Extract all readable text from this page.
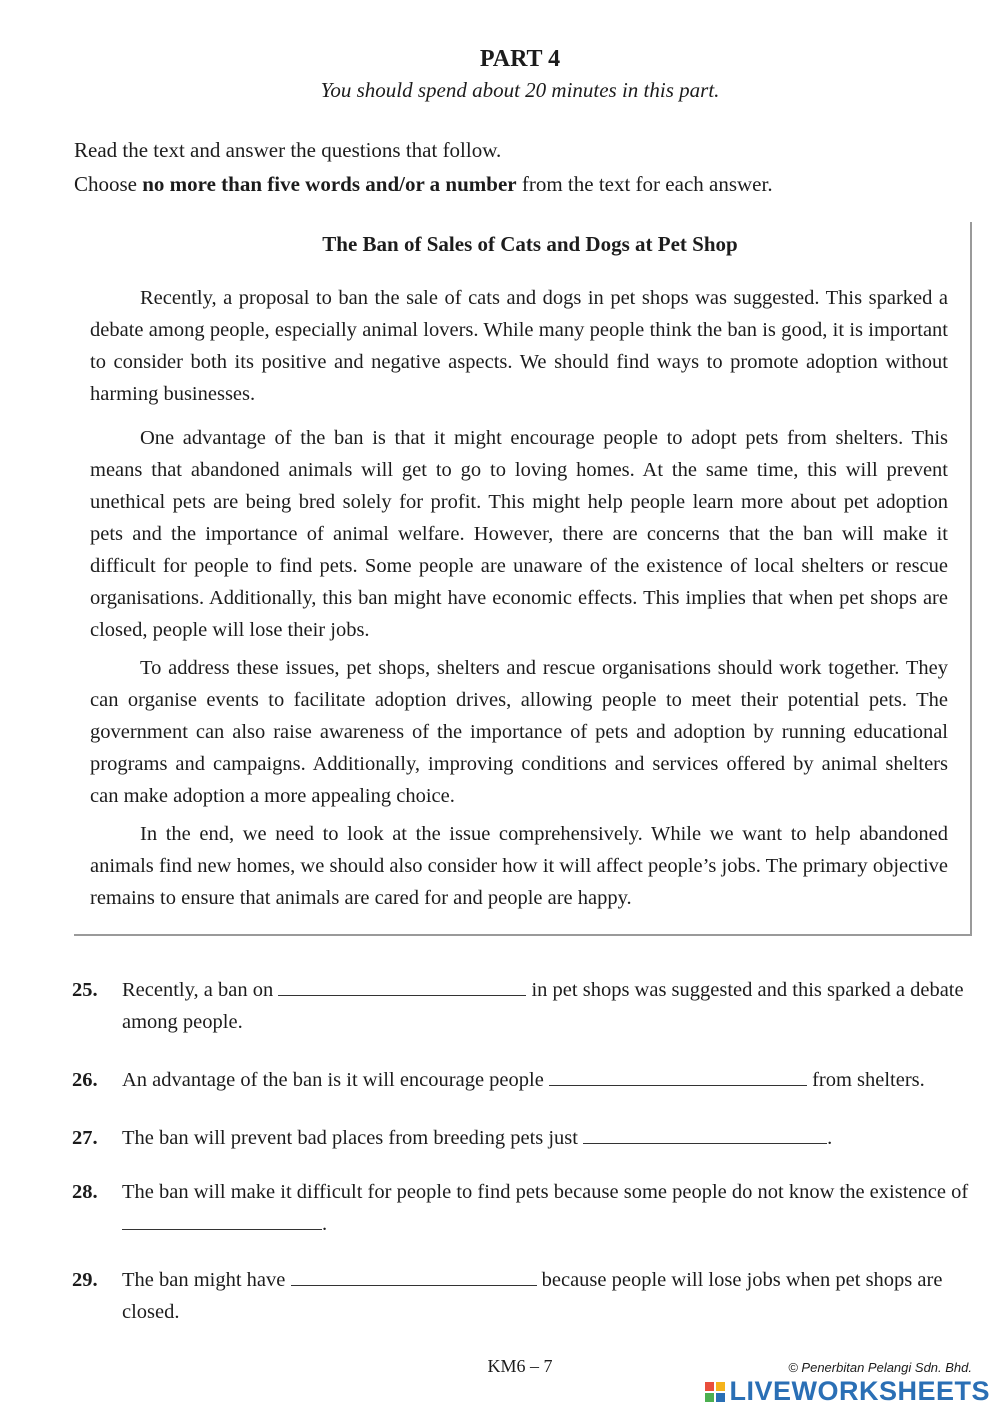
PART 4
You should spend about 20 minutes in this part.
Read the text and answer the questions that follow.
Choose no more than five words and/or a number from the text for each answer.
The Ban of Sales of Cats and Dogs at Pet Shop

Recently, a proposal to ban the sale of cats and dogs in pet shops was suggested. This sparked a debate among people, especially animal lovers. While many people think the ban is good, it is important to consider both its positive and negative aspects. We should find ways to promote adoption without harming businesses.

One advantage of the ban is that it might encourage people to adopt pets from shelters. This means that abandoned animals will get to go to loving homes. At the same time, this will prevent unethical pets are being bred solely for profit. This might help people learn more about pet adoption pets and the importance of animal welfare. However, there are concerns that the ban will make it difficult for people to find pets. Some people are unaware of the existence of local shelters or rescue organisations. Additionally, this ban might have economic effects. This implies that when pet shops are closed, people will lose their jobs.

To address these issues, pet shops, shelters and rescue organisations should work together. They can organise events to facilitate adoption drives, allowing people to meet their potential pets. The government can also raise awareness of the importance of pets and adoption by running educational programs and campaigns. Additionally, improving conditions and services offered by animal shelters can make adoption a more appealing choice.

In the end, we need to look at the issue comprehensively. While we want to help abandoned animals find new homes, we should also consider how it will affect people’s jobs. The primary objective remains to ensure that animals are cared for and people are happy.

25. Recently, a ban on	in pet shops was suggested and this sparked a debate among people.
26. An advantage of the ban is it will encourage people	from shelters.
27. The ban will prevent bad places from breeding pets just	.
28. The ban will make it difficult for people to find pets because some people do not know the existence of .
29. The ban might have	because people will lose jobs when pet shops are closed.
KM6 – 7	© Penerbitan Pelangi Sdn. Bhd.
LIVEWORKSHEETS
